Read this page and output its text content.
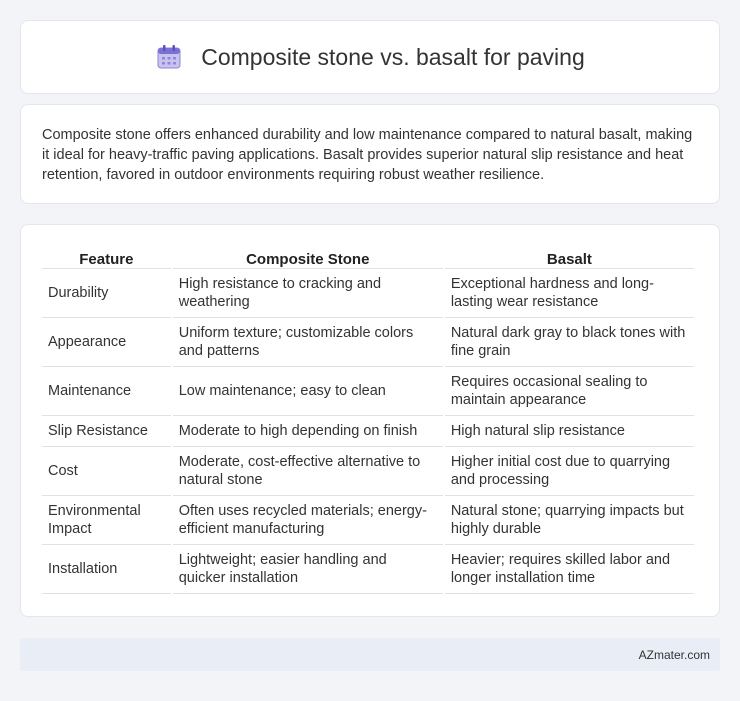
Composite stone vs. basalt for paving

Composite stone offers enhanced durability and low maintenance compared to natural basalt, making it ideal for heavy-traffic paving applications. Basalt provides superior natural slip resistance and heat retention, favored in outdoor environments requiring robust weather resilience.

Feature	Composite Stone	Basalt
Durability	High resistance to cracking and weathering	Exceptional hardness and long-lasting wear resistance
Appearance	Uniform texture; customizable colors and patterns	Natural dark gray to black tones with fine grain
Maintenance	Low maintenance; easy to clean	Requires occasional sealing to maintain appearance
Slip Resistance	Moderate to high depending on finish	High natural slip resistance
Cost	Moderate, cost-effective alternative to natural stone	Higher initial cost due to quarrying and processing
Environmental Impact	Often uses recycled materials; energy-efficient manufacturing	Natural stone; quarrying impacts but highly durable
Installation	Lightweight; easier handling and quicker installation	Heavier; requires skilled labor and longer installation time
AZmater.com
